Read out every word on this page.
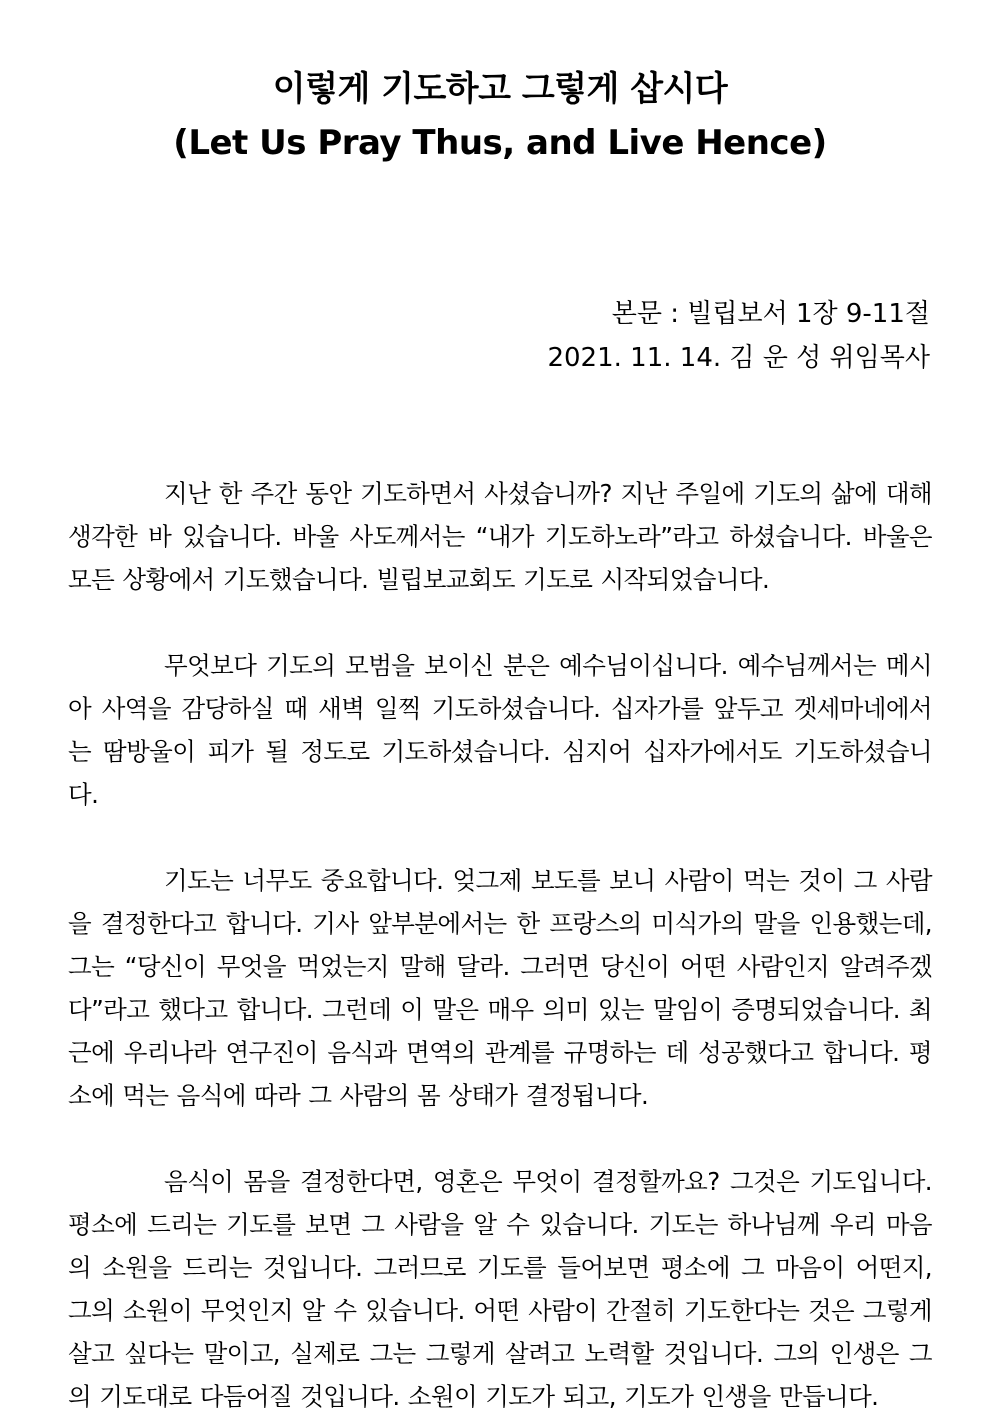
이렇게 기도하고 그렇게 삽시다
(Let Us Pray Thus, and Live Hence)
본문 : 빌립보서 1장 9-11절
2021. 11. 14. 김 운 성 위임목사

지난 한 주간 동안 기도하면서 사셨습니까? 지난 주일에 기도의 삶에 대해 생각한 바 있습니다. 바울 사도께서는 “내가 기도하노라”라고 하셨습니다. 바울은 모든 상황에서 기도했습니다. 빌립보교회도 기도로 시작되었습니다.

무엇보다 기도의 모범을 보이신 분은 예수님이십니다. 예수님께서는 메시아 사역을 감당하실 때 새벽 일찍 기도하셨습니다. 십자가를 앞두고 겟세마네에서는 땀방울이 피가 될 정도로 기도하셨습니다. 심지어 십자가에서도 기도하셨습니다.

기도는 너무도 중요합니다. 엊그제 보도를 보니 사람이 먹는 것이 그 사람을 결정한다고 합니다. 기사 앞부분에서는 한 프랑스의 미식가의 말을 인용했는데, 그는 “당신이 무엇을 먹었는지 말해 달라. 그러면 당신이 어떤 사람인지 알려주겠다”라고 했다고 합니다. 그런데 이 말은 매우 의미 있는 말임이 증명되었습니다. 최근에 우리나라 연구진이 음식과 면역의 관계를 규명하는 데 성공했다고 합니다. 평소에 먹는 음식에 따라 그 사람의 몸 상태가 결정됩니다.

음식이 몸을 결정한다면, 영혼은 무엇이 결정할까요? 그것은 기도입니다. 평소에 드리는 기도를 보면 그 사람을 알 수 있습니다. 기도는 하나님께 우리 마음의 소원을 드리는 것입니다. 그러므로 기도를 들어보면 평소에 그 마음이 어떤지, 그의 소원이 무엇인지 알 수 있습니다. 어떤 사람이 간절히 기도한다는 것은 그렇게 살고 싶다는 말이고, 실제로 그는 그렇게 살려고 노력할 것입니다. 그의 인생은 그의 기도대로 다듬어질 것입니다. 소원이 기도가 되고, 기도가 인생을 만듭니다.
